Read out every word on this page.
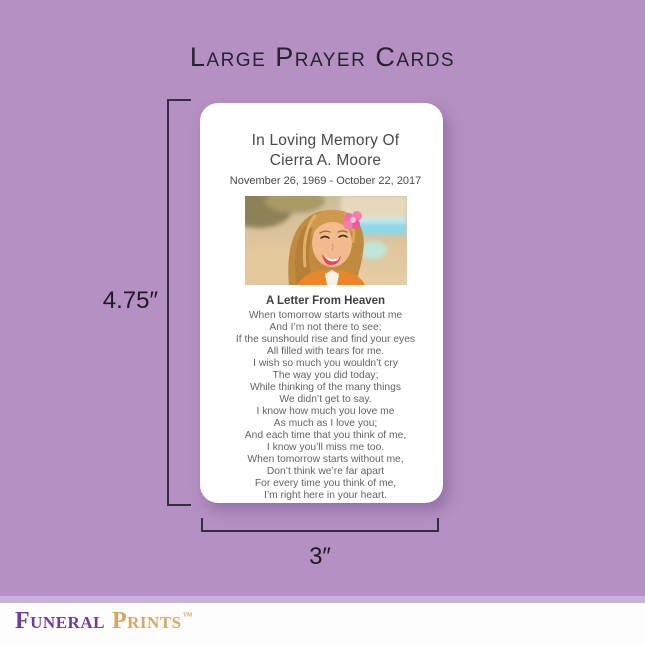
Large Prayer Cards
4.75″
3″
In Loving Memory Of
Cierra A. Moore
November 26, 1969 - October 22, 2017
A Letter From Heaven
When tomorrow starts without me
And I’m not there to see;
If the sunshould rise and find your eyes
All filled with tears for me.
I wish so much you wouldn’t cry
The way you did today;
While thinking of the many things
We didn’t get to say.
I know how much you love me
As much as I love you;
And each time that you think of me,
I know you’ll miss me too.
When tomorrow starts without me,
Don’t think we’re far apart
For every time you think of me,
I’m right here in your heart.
Funeral Prints™
